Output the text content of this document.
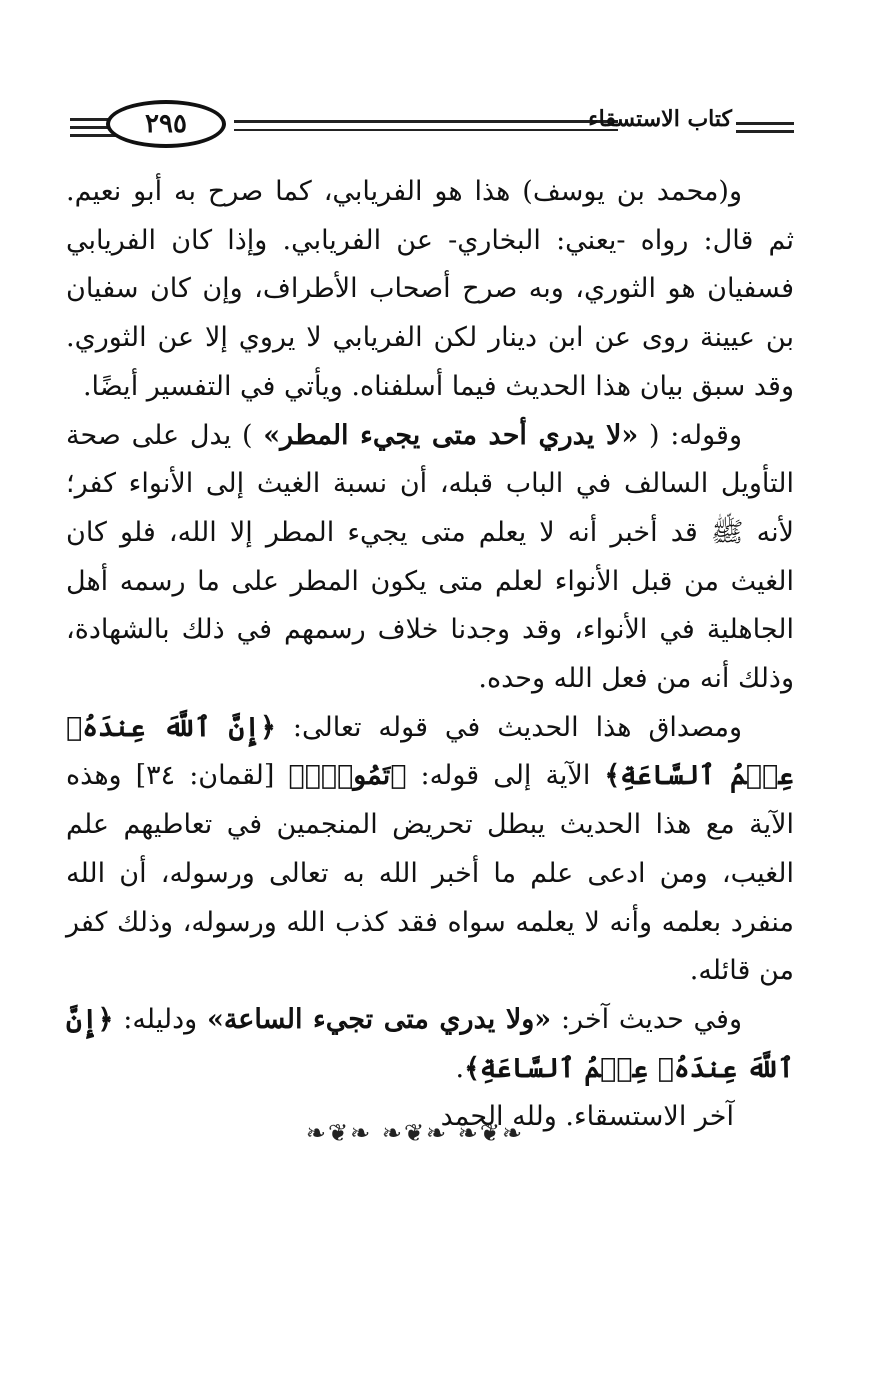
٢٩٥	كتاب الاستسقاء

و(محمد بن يوسف) هذا هو الفريابي، كما صرح به أبو نعيم. ثم قال: رواه -يعني: البخاري- عن الفريابي. وإذا كان الفريابي فسفيان هو الثوري، وبه صرح أصحاب الأطراف، وإن كان سفيان بن عيينة روى عن ابن دينار لكن الفريابي لا يروي إلا عن الثوري. وقد سبق بيان هذا الحديث فيما أسلفناه. ويأتي في التفسير أيضًا.

وقوله: ( «لا يدري أحد متى يجيء المطر» ) يدل على صحة التأويل السالف في الباب قبله، أن نسبة الغيث إلى الأنواء كفر؛ لأنه ﷺ قد أخبر أنه لا يعلم متى يجيء المطر إلا الله، فلو كان الغيث من قبل الأنواء لعلم متى يكون المطر على ما رسمه أهل الجاهلية في الأنواء، وقد وجدنا خلاف رسمهم في ذلك بالشهادة، وذلك أنه من فعل الله وحده.

ومصداق هذا الحديث في قوله تعالى: ﴿إِنَّ ٱللَّهَ عِندَهُۥ عِلۡمُ ٱلسَّاعَةِ﴾ الآية إلى قوله: ﴿تَمُوتُۚ﴾ [لقمان: ٣٤] وهذه الآية مع هذا الحديث يبطل تحريض المنجمين في تعاطيهم علم الغيب، ومن ادعى علم ما أخبر الله به تعالى ورسوله، أن الله منفرد بعلمه وأنه لا يعلمه سواه فقد كذب الله ورسوله، وذلك كفر من قائله.

وفي حديث آخر: «ولا يدري متى تجيء الساعة» ودليله: ﴿إِنَّ ٱللَّهَ عِندَهُۥ عِلۡمُ ٱلسَّاعَةِ﴾.

آخر الاستسقاء. ولله الحمد

❧❦❧ ❧❦❧ ❧❦❧
